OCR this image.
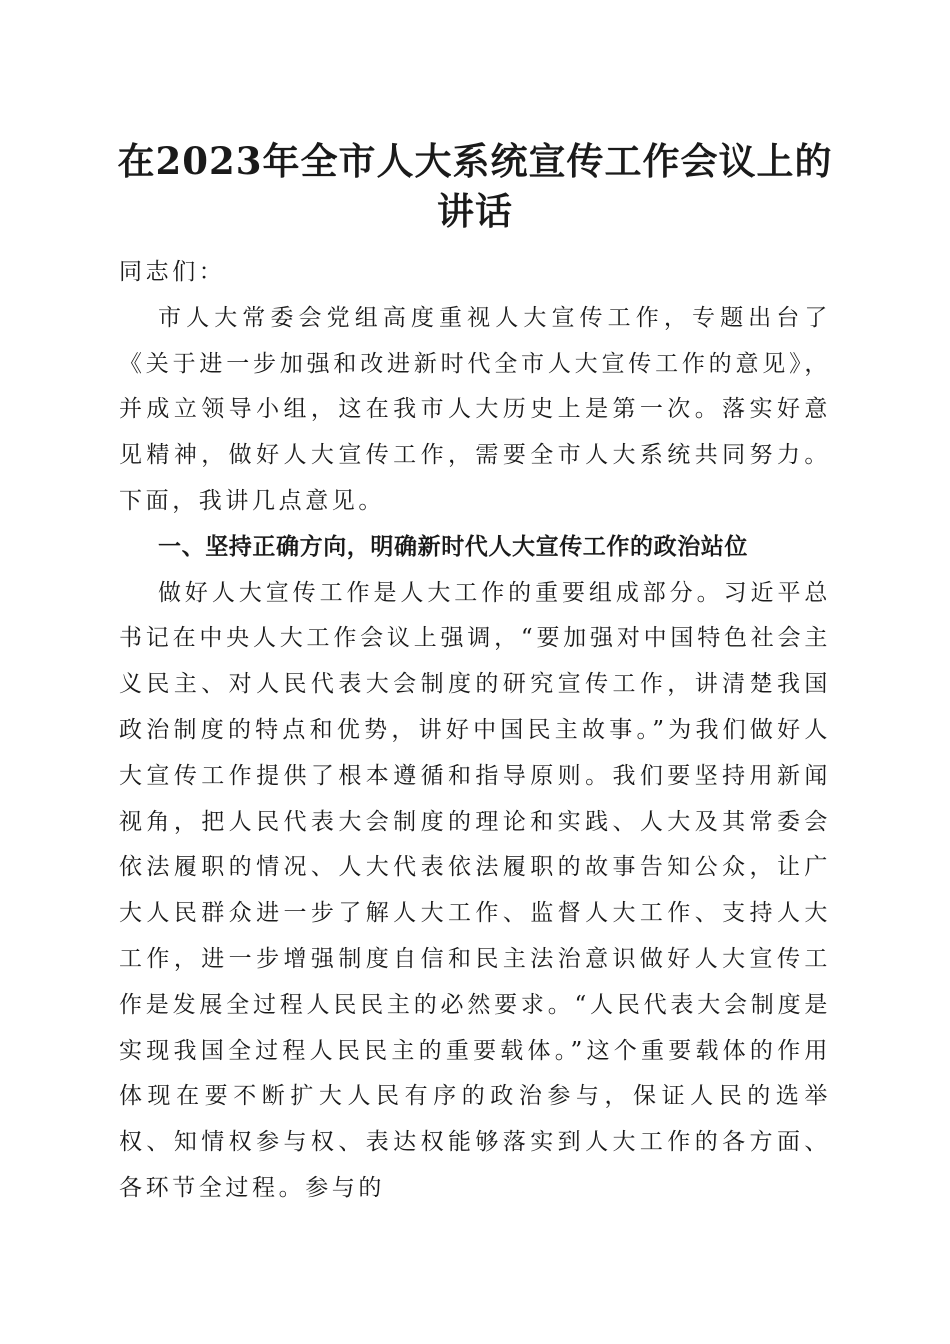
在2023年全市人大系统宣传工作会议上的讲话

同志们：

市人大常委会党组高度重视人大宣传工作，专题出台了《关于进一步加强和改进新时代全市人大宣传工作的意见》，并成立领导小组，这在我市人大历史上是第一次。落实好意见精神，做好人大宣传工作，需要全市人大系统共同努力。下面，我讲几点意见。

一、坚持正确方向，明确新时代人大宣传工作的政治站位

做好人大宣传工作是人大工作的重要组成部分。习近平总书记在中央人大工作会议上强调，“要加强对中国特色社会主义民主、对人民代表大会制度的研究宣传工作，讲清楚我国政治制度的特点和优势，讲好中国民主故事。”为我们做好人大宣传工作提供了根本遵循和指导原则。我们要坚持用新闻视角，把人民代表大会制度的理论和实践、人大及其常委会依法履职的情况、人大代表依法履职的故事告知公众，让广大人民群众进一步了解人大工作、监督人大工作、支持人大工作，进一步增强制度自信和民主法治意识做好人大宣传工作是发展全过程人民民主的必然要求。“人民代表大会制度是实现我国全过程人民民主的重要载体。”这个重要载体的作用体现在要不断扩大人民有序的政治参与，保证人民的选举权、知情权参与权、表达权能够落实到人大工作的各方面、各环节全过程。参与的
